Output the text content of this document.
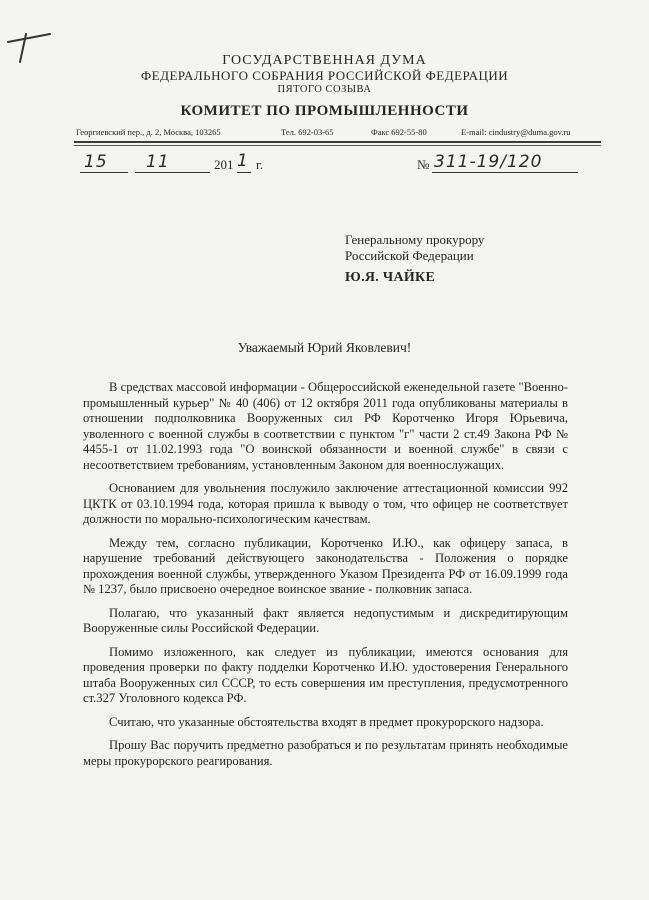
ГОСУДАРСТВЕННАЯ ДУМА
ФЕДЕРАЛЬНОГО СОБРАНИЯ РОССИЙСКОЙ ФЕДЕРАЦИИ
ПЯТОГО СОЗЫВА
КОМИТЕТ ПО ПРОМЫШЛЕННОСТИ
Георгиевский пер., д. 2, Москва, 103265	Тел. 692-03-65	Факс 692-55-80	E-mail: cindustry@duma.gov.ru
15 11	201 1 г.	№ 311-19/120
Генеральному прокурору
Российской Федерации
Ю.Я. ЧАЙКЕ
Уважаемый Юрий Яковлевич!

В средствах массовой информации - Общероссийской еженедельной газете "Военно-промышленный курьер" № 40 (406) от 12 октября 2011 года опубликованы материалы в отношении подполковника Вооруженных сил РФ Коротченко Игоря Юрьевича, уволенного с военной службы в соответствии с пунктом "г" части 2 ст.49 Закона РФ № 4455-1 от 11.02.1993 года "О воинской обязанности и военной службе" в связи с несоответствием требованиям, установленным Законом для военнослужащих.

Основанием для увольнения послужило заключение аттестационной комиссии 992 ЦКТК от 03.10.1994 года, которая пришла к выводу о том, что офицер не соответствует должности по морально-психологическим качествам.

Между тем, согласно публикации, Коротченко И.Ю., как офицеру запаса, в нарушение требований действующего законодательства - Положения о порядке прохождения военной службы, утвержденного Указом Президента РФ от 16.09.1999 года № 1237, было присвоено очередное воинское звание - полковник запаса.

Полагаю, что указанный факт является недопустимым и дискредитирующим Вооруженные силы Российской Федерации.

Помимо изложенного, как следует из публикации, имеются основания для проведения проверки по факту подделки Коротченко И.Ю. удостоверения Генерального штаба Вооруженных сил СССР, то есть совершения им преступления, предусмотренного ст.327 Уголовного кодекса РФ.

Считаю, что указанные обстоятельства входят в предмет прокурорского надзора.

Прошу Вас поручить предметно разобраться и по результатам принять необходимые меры прокурорского реагирования.
